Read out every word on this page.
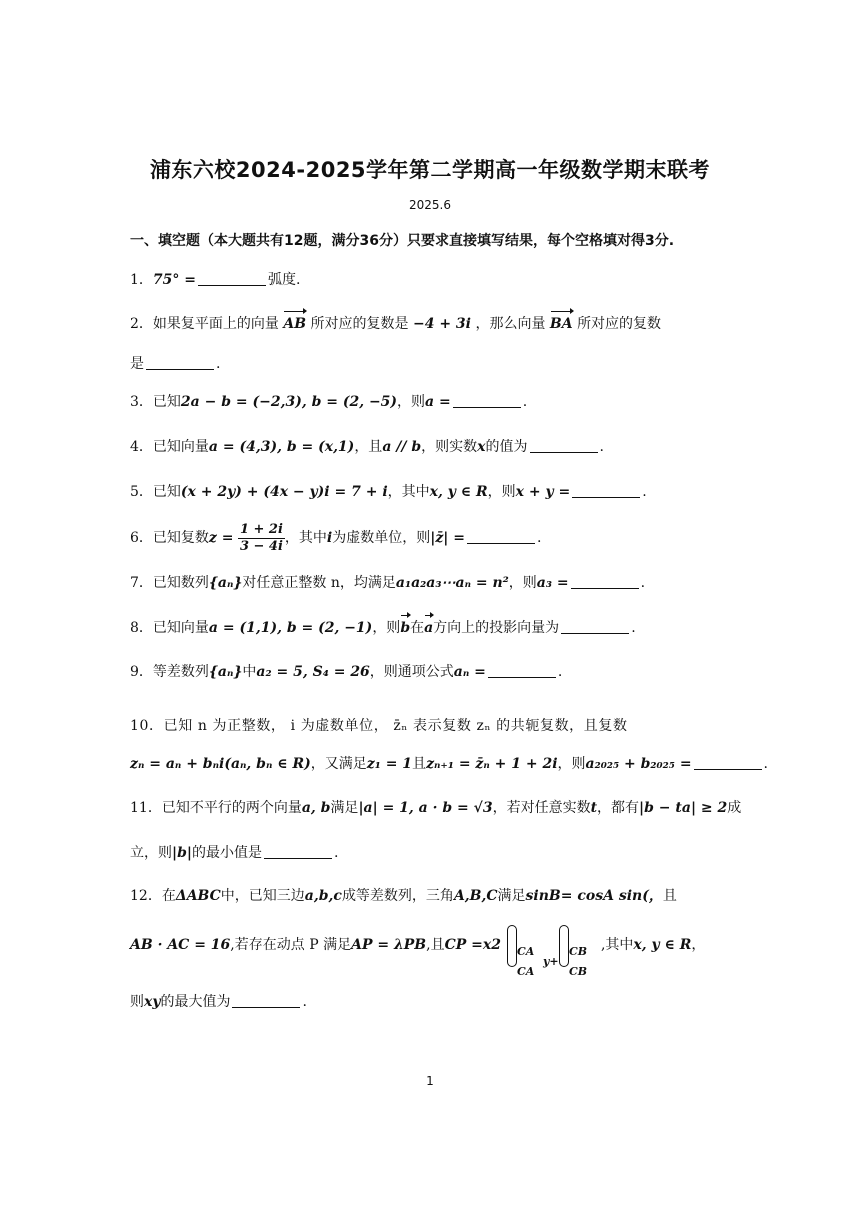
浦东六校2024-2025学年第二学期高一年级数学期末联考
2025.6
一、填空题（本大题共有12题，满分36分）只要求直接填写结果，每个空格填对得3分.
1．75° =	弧度.
2．如果复平面上的向量 AB 所对应的复数是 −4 + 3i ，那么向量 BA 所对应的复数
是	.
3．已知2a − b = (−2,3), b = (2, −5)，则a =	.
4．已知向量a = (4,3), b = (x,1)，且a // b，则实数x的值为	.
5．已知(x + 2y) + (4x − y)i = 7 + i，其中x, y ∈ R，则x + y =	.
6．已知复数$z = \frac{1 + 2i}{3 - 4i}$ ，其中i为虚数单位，则|z̄| =	.
7．已知数列{aₙ}对任意正整数 n，均满足a₁a₂a₃⋯aₙ = n²，则a₃ =	.
8．已知向量a = (1,1), b = (2, −1)，则b在a方向上的投影向量为	.
9．等差数列{aₙ}中a₂ = 5, S₄ = 26，则通项公式aₙ =	.
10．已知 n 为正整数， i 为虚数单位， z̄ₙ 表示复数 zₙ 的共轭复数，且复数
zₙ = aₙ + bₙi(aₙ, bₙ ∈ R)，又满足z₁ = 1且zₙ₊₁ = z̄ₙ + 1 + 2i，则a₂₀₂₅ + b₂₀₂₅ =	.
11．已知不平行的两个向量a, b满足|a| = 1, a · b = √3，若对任意实数t，都有|b − ta| ≥ 2成
立，则|b|的最小值是	.
12．在ΔABC中，已知三边a,b,c成等差数列，三角A,B,C满足sinB= cosA sin(，且
AB · AC = 16,若存在动点 P 满足AP = λPB,且CP =x2 CA
CA
y+
CB
CB
,其中x, y ∈ R，
则xy的最大值为	.
1
